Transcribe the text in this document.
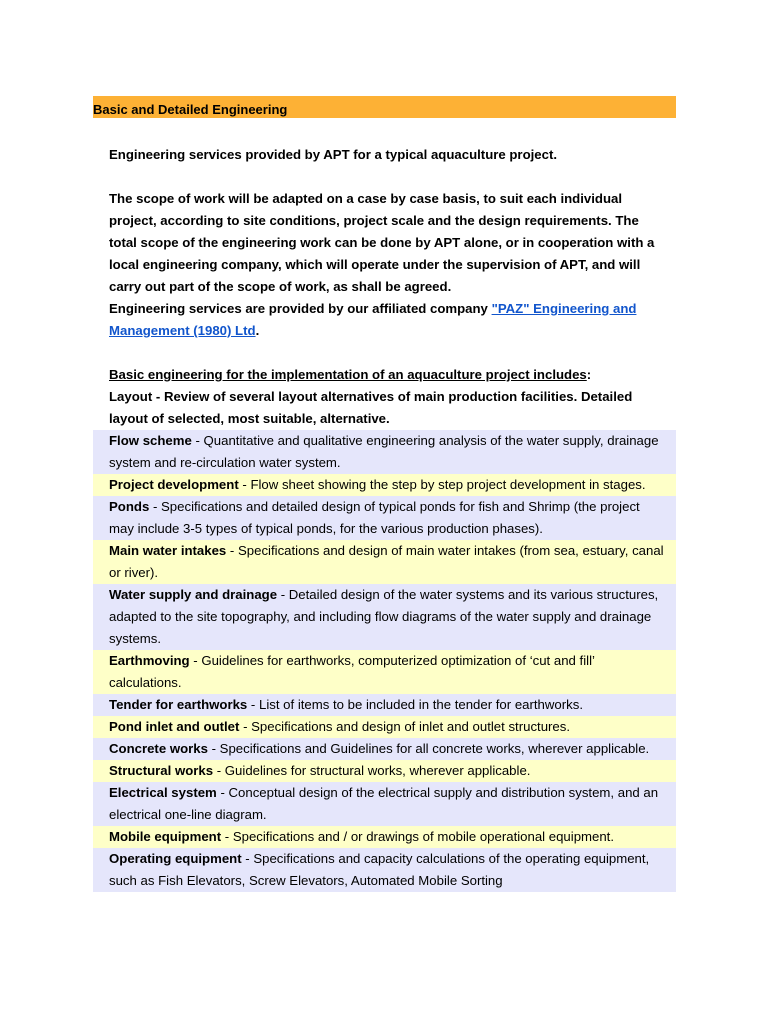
Basic and Detailed Engineering
Engineering services provided by APT for a typical aquaculture project.
The scope of work will be adapted on a case by case basis, to suit each individual project, according to site conditions, project scale and the design requirements. The total scope of the engineering work can be done by APT alone, or in cooperation with a local engineering company, which will operate under the supervision of APT, and will carry out part of the scope of work, as shall be agreed.
Engineering services are provided by our affiliated company "PAZ" Engineering and Management (1980) Ltd.
Basic engineering for the implementation of an aquaculture project includes:
Layout - Review of several layout alternatives of main production facilities. Detailed layout of selected, most suitable, alternative.
Flow scheme - Quantitative and qualitative engineering analysis of the water supply, drainage system and re-circulation water system.
Project development - Flow sheet showing the step by step project development in stages.
Ponds - Specifications and detailed design of typical ponds for fish and Shrimp (the project may include 3-5 types of typical ponds, for the various production phases).
Main water intakes - Specifications and design of main water intakes (from sea, estuary, canal or river).
Water supply and drainage - Detailed design of the water systems and its various structures, adapted to the site topography, and including flow diagrams of the water supply and drainage systems.
Earthmoving - Guidelines for earthworks, computerized optimization of ‘cut and fill’ calculations.
Tender for earthworks - List of items to be included in the tender for earthworks.
Pond inlet and outlet - Specifications and design of inlet and outlet structures.
Concrete works - Specifications and Guidelines for all concrete works, wherever applicable.
Structural works - Guidelines for structural works, wherever applicable.
Electrical system - Conceptual design of the electrical supply and distribution system, and an electrical one-line diagram.
Mobile equipment - Specifications and / or drawings of mobile operational equipment.
Operating equipment - Specifications and capacity calculations of the operating equipment, such as Fish Elevators, Screw Elevators, Automated Mobile Sorting
